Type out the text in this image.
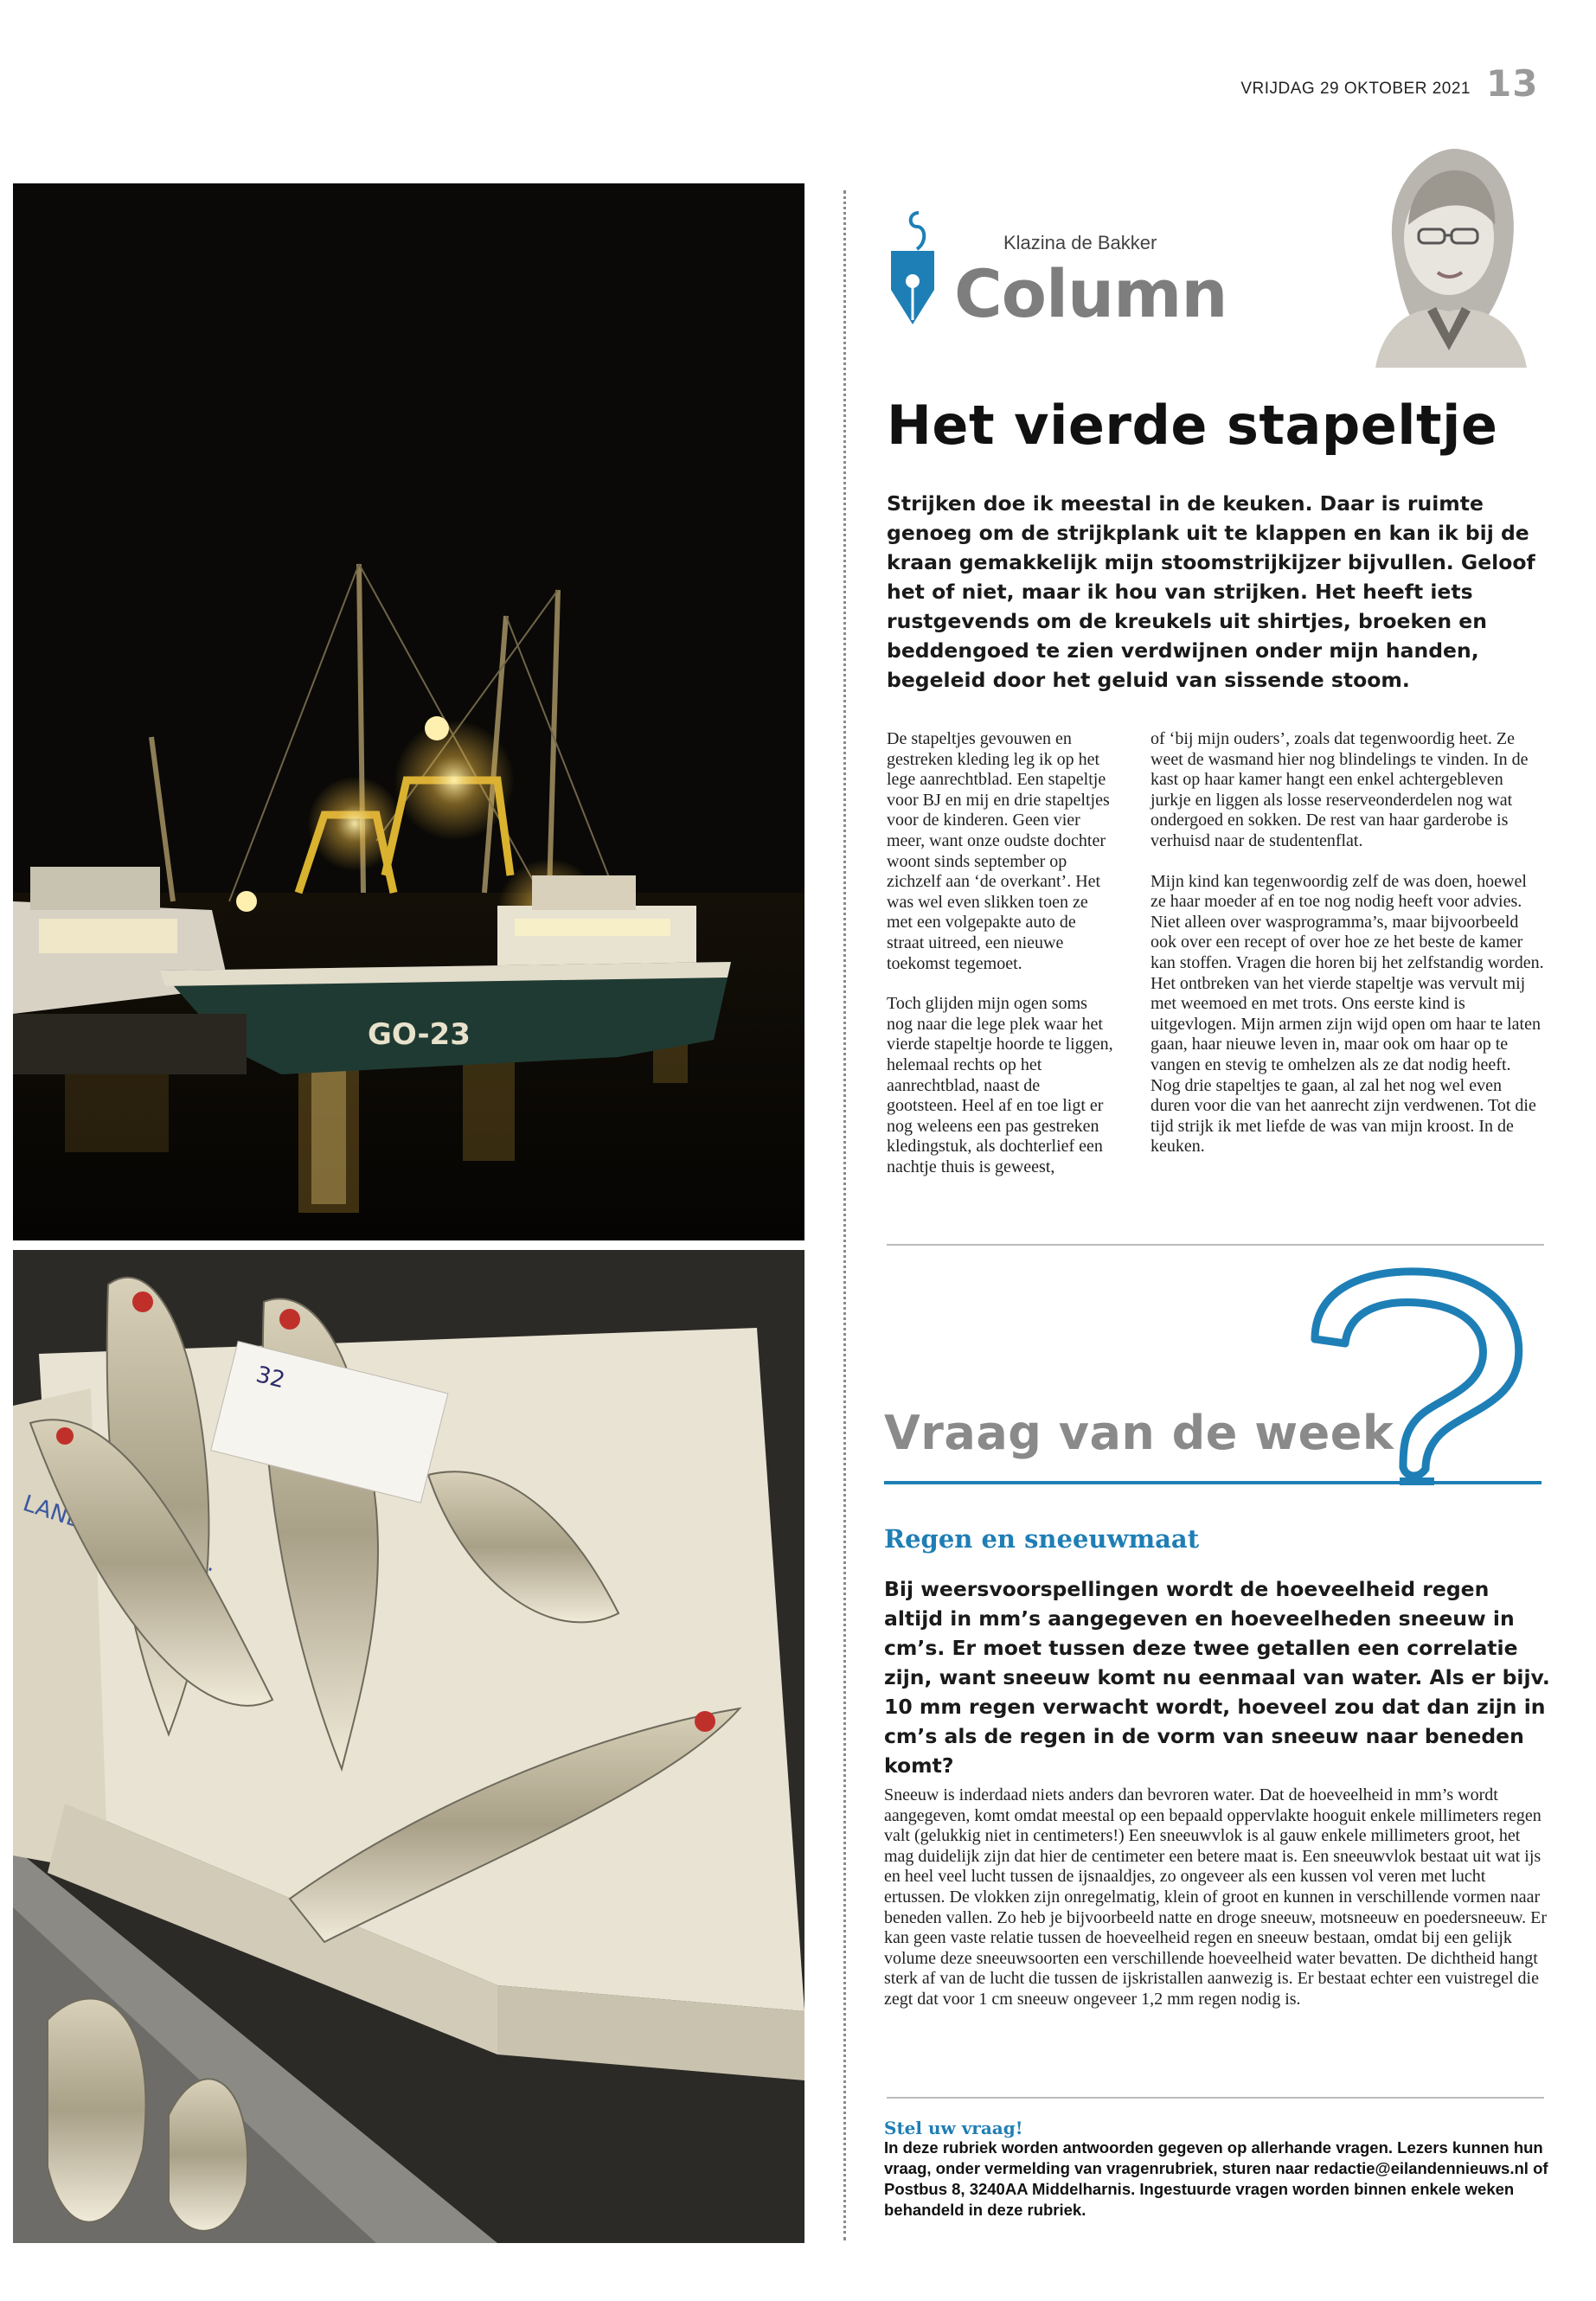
VRIJDAG 29 OKTOBER 2021 13
GO-23
LAND
32
Klazina de Bakker
Column
Het vierde stapeltje

Strijken doe ik meestal in de keuken. Daar is ruimte genoeg om de strijkplank uit te klappen en kan ik bij de kraan gemakkelijk mijn stoomstrijkijzer bijvullen. Geloof het of niet, maar ik hou van strijken. Het heeft iets rustgevends om de kreukels uit shirtjes, broeken en beddengoed te zien verdwijnen onder mijn handen, begeleid door het geluid van sissende stoom.

De stapeltjes gevouwen en gestreken kleding leg ik op het lege aanrechtblad. Een stapeltje voor BJ en mij en drie stapeltjes voor de kinderen. Geen vier meer, want onze oudste dochter woont sinds september op zichzelf aan ‘de overkant’. Het was wel even slikken toen ze met een volgepakte auto de straat uitreed, een nieuwe toekomst tegemoet.

Toch glijden mijn ogen soms nog naar die lege plek waar het vierde stapeltje hoorde te liggen, helemaal rechts op het aanrechtblad, naast de gootsteen. Heel af en toe ligt er nog weleens een pas gestreken kledingstuk, als dochterlief een nachtje thuis is geweest,

of ‘bij mijn ouders’, zoals dat tegenwoordig heet. Ze weet de wasmand hier nog blindelings te vinden. In de kast op haar kamer hangt een enkel achtergebleven jurkje en liggen als losse reserveonderdelen nog wat ondergoed en sokken. De rest van haar garderobe is verhuisd naar de studentenflat.

Mijn kind kan tegenwoordig zelf de was doen, hoewel ze haar moeder af en toe nog nodig heeft voor advies. Niet alleen over wasprogramma’s, maar bijvoorbeeld ook over een recept of over hoe ze het beste de kamer kan stoffen. Vragen die horen bij het zelfstandig worden. Het ontbreken van het vierde stapeltje was vervult mij met weemoed en met trots. Ons eerste kind is uitgevlogen. Mijn armen zijn wijd open om haar te laten gaan, haar nieuwe leven in, maar ook om haar op te vangen en stevig te omhelzen als ze dat nodig heeft. Nog drie stapeltjes te gaan, al zal het nog wel even duren voor die van het aanrecht zijn verdwenen. Tot die tijd strijk ik met liefde de was van mijn kroost. In de keuken.

Vraag van de week
Regen en sneeuwmaat

Bij weersvoorspellingen wordt de hoeveelheid regen altijd in mm’s aangegeven en hoeveelheden sneeuw in cm’s. Er moet tussen deze twee getallen een correlatie zijn, want sneeuw komt nu eenmaal van water. Als er bijv. 10 mm regen verwacht wordt, hoeveel zou dat dan zijn in cm’s als de regen in de vorm van sneeuw naar beneden komt?

Sneeuw is inderdaad niets anders dan bevroren water. Dat de hoeveelheid in mm’s wordt aangegeven, komt omdat meestal op een bepaald oppervlakte hooguit enkele millimeters regen valt (gelukkig niet in centimeters!) Een sneeuwvlok is al gauw enkele millimeters groot, het mag duidelijk zijn dat hier de centimeter een betere maat is. Een sneeuwvlok bestaat uit wat ijs en heel veel lucht tussen de ijsnaaldjes, zo ongeveer als een kussen vol veren met lucht ertussen. De vlokken zijn onregelmatig, klein of groot en kunnen in verschillende vormen naar beneden vallen. Zo heb je bijvoorbeeld natte en droge sneeuw, motsneeuw en poedersneeuw. Er kan geen vaste relatie tussen de hoeveelheid regen en sneeuw bestaan, omdat bij een gelijk volume deze sneeuwsoorten een verschillende hoeveelheid water bevatten. De dichtheid hangt sterk af van de lucht die tussen de ijskristallen aanwezig is. Er bestaat echter een vuistregel die zegt dat voor 1 cm sneeuw ongeveer 1,2 mm regen nodig is.

Stel uw vraag!

In deze rubriek worden antwoorden gegeven op allerhande vragen. Lezers kunnen hun vraag, onder vermelding van vragenrubriek, sturen naar redactie@eilandennieuws.nl of Postbus 8, 3240AA Middelharnis. Ingestuurde vragen worden binnen enkele weken behandeld in deze rubriek.
